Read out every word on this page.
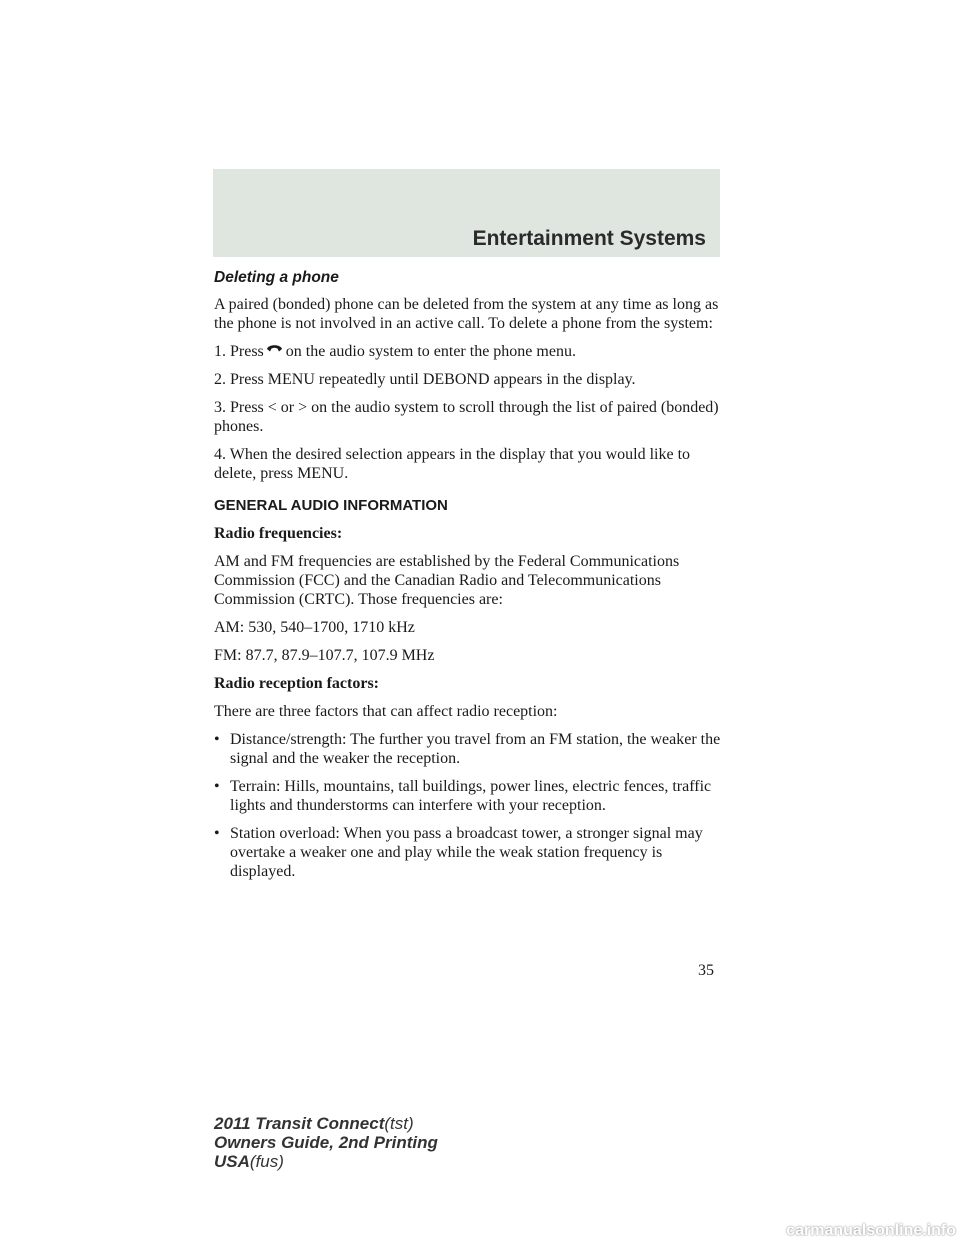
Entertainment Systems
Deleting a phone

A paired (bonded) phone can be deleted from the system at any time as long as the phone is not involved in an active call. To delete a phone from the system:

1. Press on the audio system to enter the phone menu.

2. Press MENU repeatedly until DEBOND appears in the display.

3. Press < or > on the audio system to scroll through the list of paired (bonded) phones.

4. When the desired selection appears in the display that you would like to delete, press MENU.

GENERAL AUDIO INFORMATION

Radio frequencies:

AM and FM frequencies are established by the Federal Communications Commission (FCC) and the Canadian Radio and Telecommunications Commission (CRTC). Those frequencies are:

AM: 530, 540–1700, 1710 kHz

FM: 87.7, 87.9–107.7, 107.9 MHz

Radio reception factors:

There are three factors that can affect radio reception:

• Distance/strength: The further you travel from an FM station, the weaker the signal and the weaker the reception.
• Terrain: Hills, mountains, tall buildings, power lines, electric fences, traffic lights and thunderstorms can interfere with your reception.
• Station overload: When you pass a broadcast tower, a stronger signal may overtake a weaker one and play while the weak station frequency is displayed.
35
2011 Transit Connect(tst)
Owners Guide, 2nd Printing
USA(fus)
carmanualsonline.info
